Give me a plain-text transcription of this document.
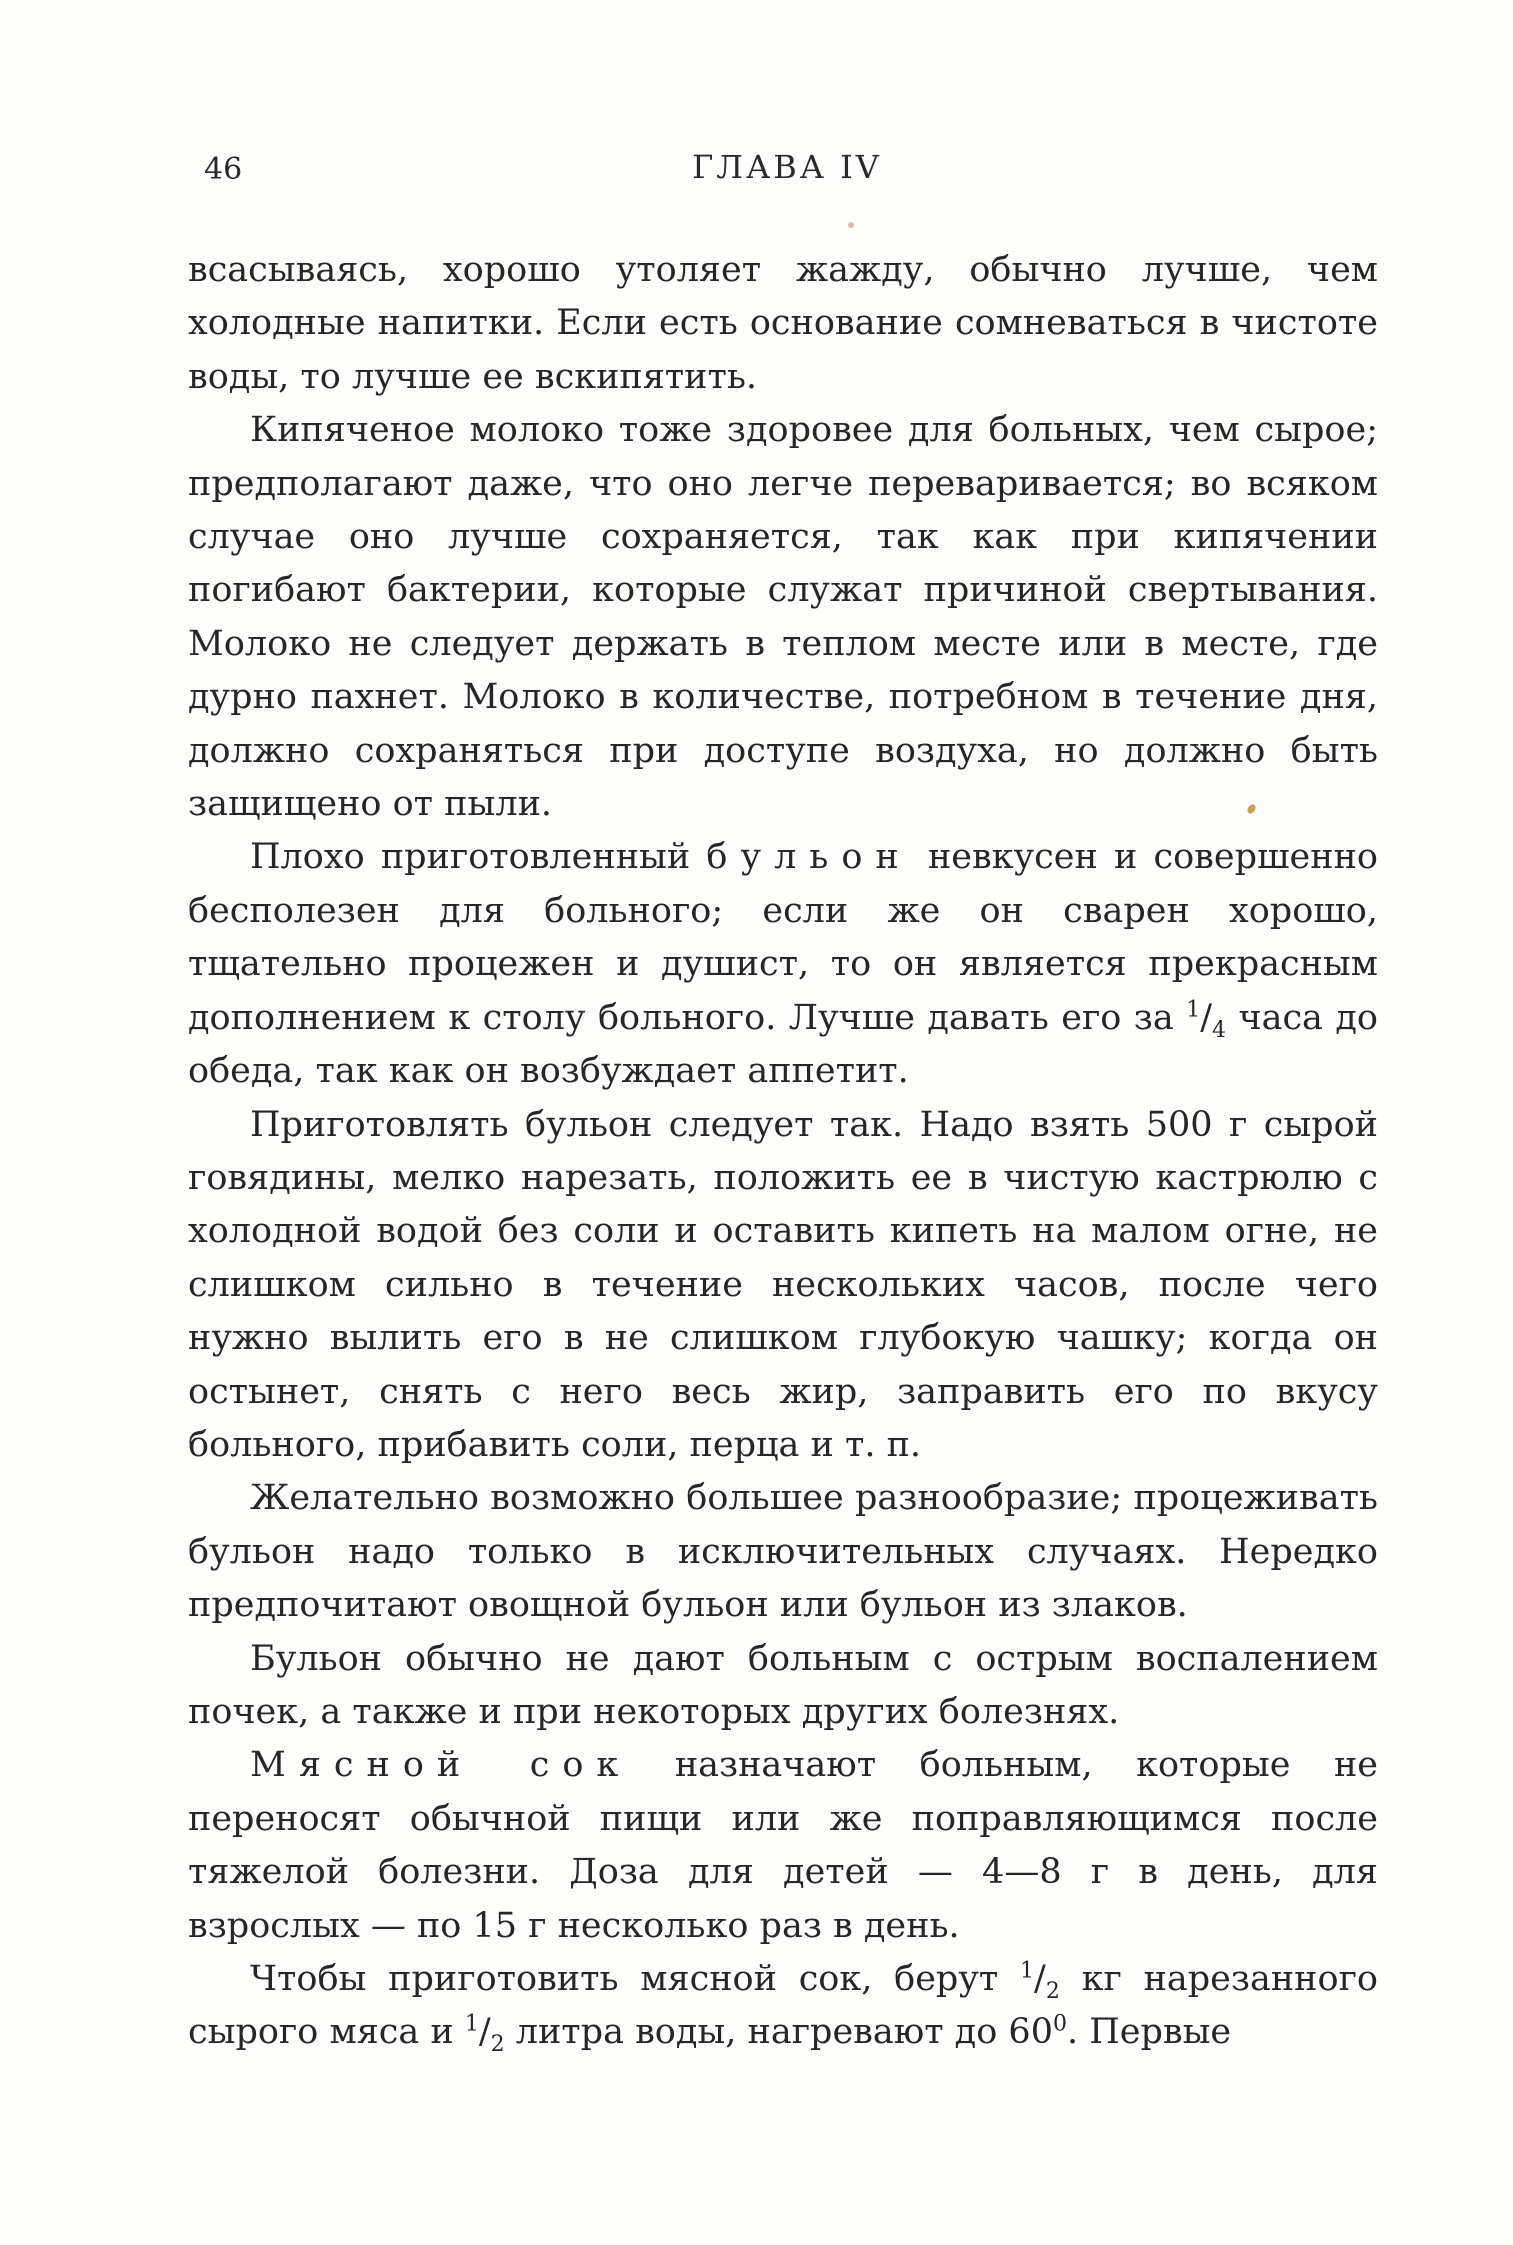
46	ГЛАВА IV

всасываясь, хорошо утоляет жажду, обычно лучше, чем холодные напитки. Если есть основание сомневаться в чистоте воды, то лучше ее вскипятить.

Кипяченое молоко тоже здоровее для больных, чем сырое; предполагают даже, что оно легче переваривается; во всяком случае оно лучше сохраняется, так как при кипячении погибают бактерии, которые служат причиной свертывания. Молоко не следует держать в теплом месте или в месте, где дурно пахнет. Молоко в количестве, потребном в течение дня, должно сохраняться при доступе воздуха, но должно быть защищено от пыли.

Плохо приготовленный бульон невкусен и совершенно бесполезен для больного; если же он сварен хорошо, тщательно процежен и душист, то он является прекрасным дополнением к столу больного. Лучше давать его за $^1/_4$ часа до обеда, так как он возбуждает аппетит.

Приготовлять бульон следует так. Надо взять 500 г сырой говядины, мелко нарезать, положить ее в чистую кастрюлю с холодной водой без соли и оставить кипеть на малом огне, не слишком сильно в течение нескольких часов, после чего нужно вылить его в не слишком глубокую чашку; когда он остынет, снять с него весь жир, заправить его по вкусу больного, прибавить соли, перца и т. п.

Желательно возможно большее разнообразие; процеживать бульон надо только в исключительных случаях. Нередко предпочитают овощной бульон или бульон из злаков.

Бульон обычно не дают больным с острым воспалением почек, а также и при некоторых других болезнях.

Мясной сок назначают больным, которые не переносят обычной пищи или же поправляющимся после тяжелой болезни. Доза для детей — 4—8 г в день, для взрослых — по 15 г несколько раз в день.

Чтобы приготовить мясной сок, берут $^1/_2$ кг нарезанного сырого мяса и $^1/_2$ литра воды, нагревают до $60^0$. Первые
